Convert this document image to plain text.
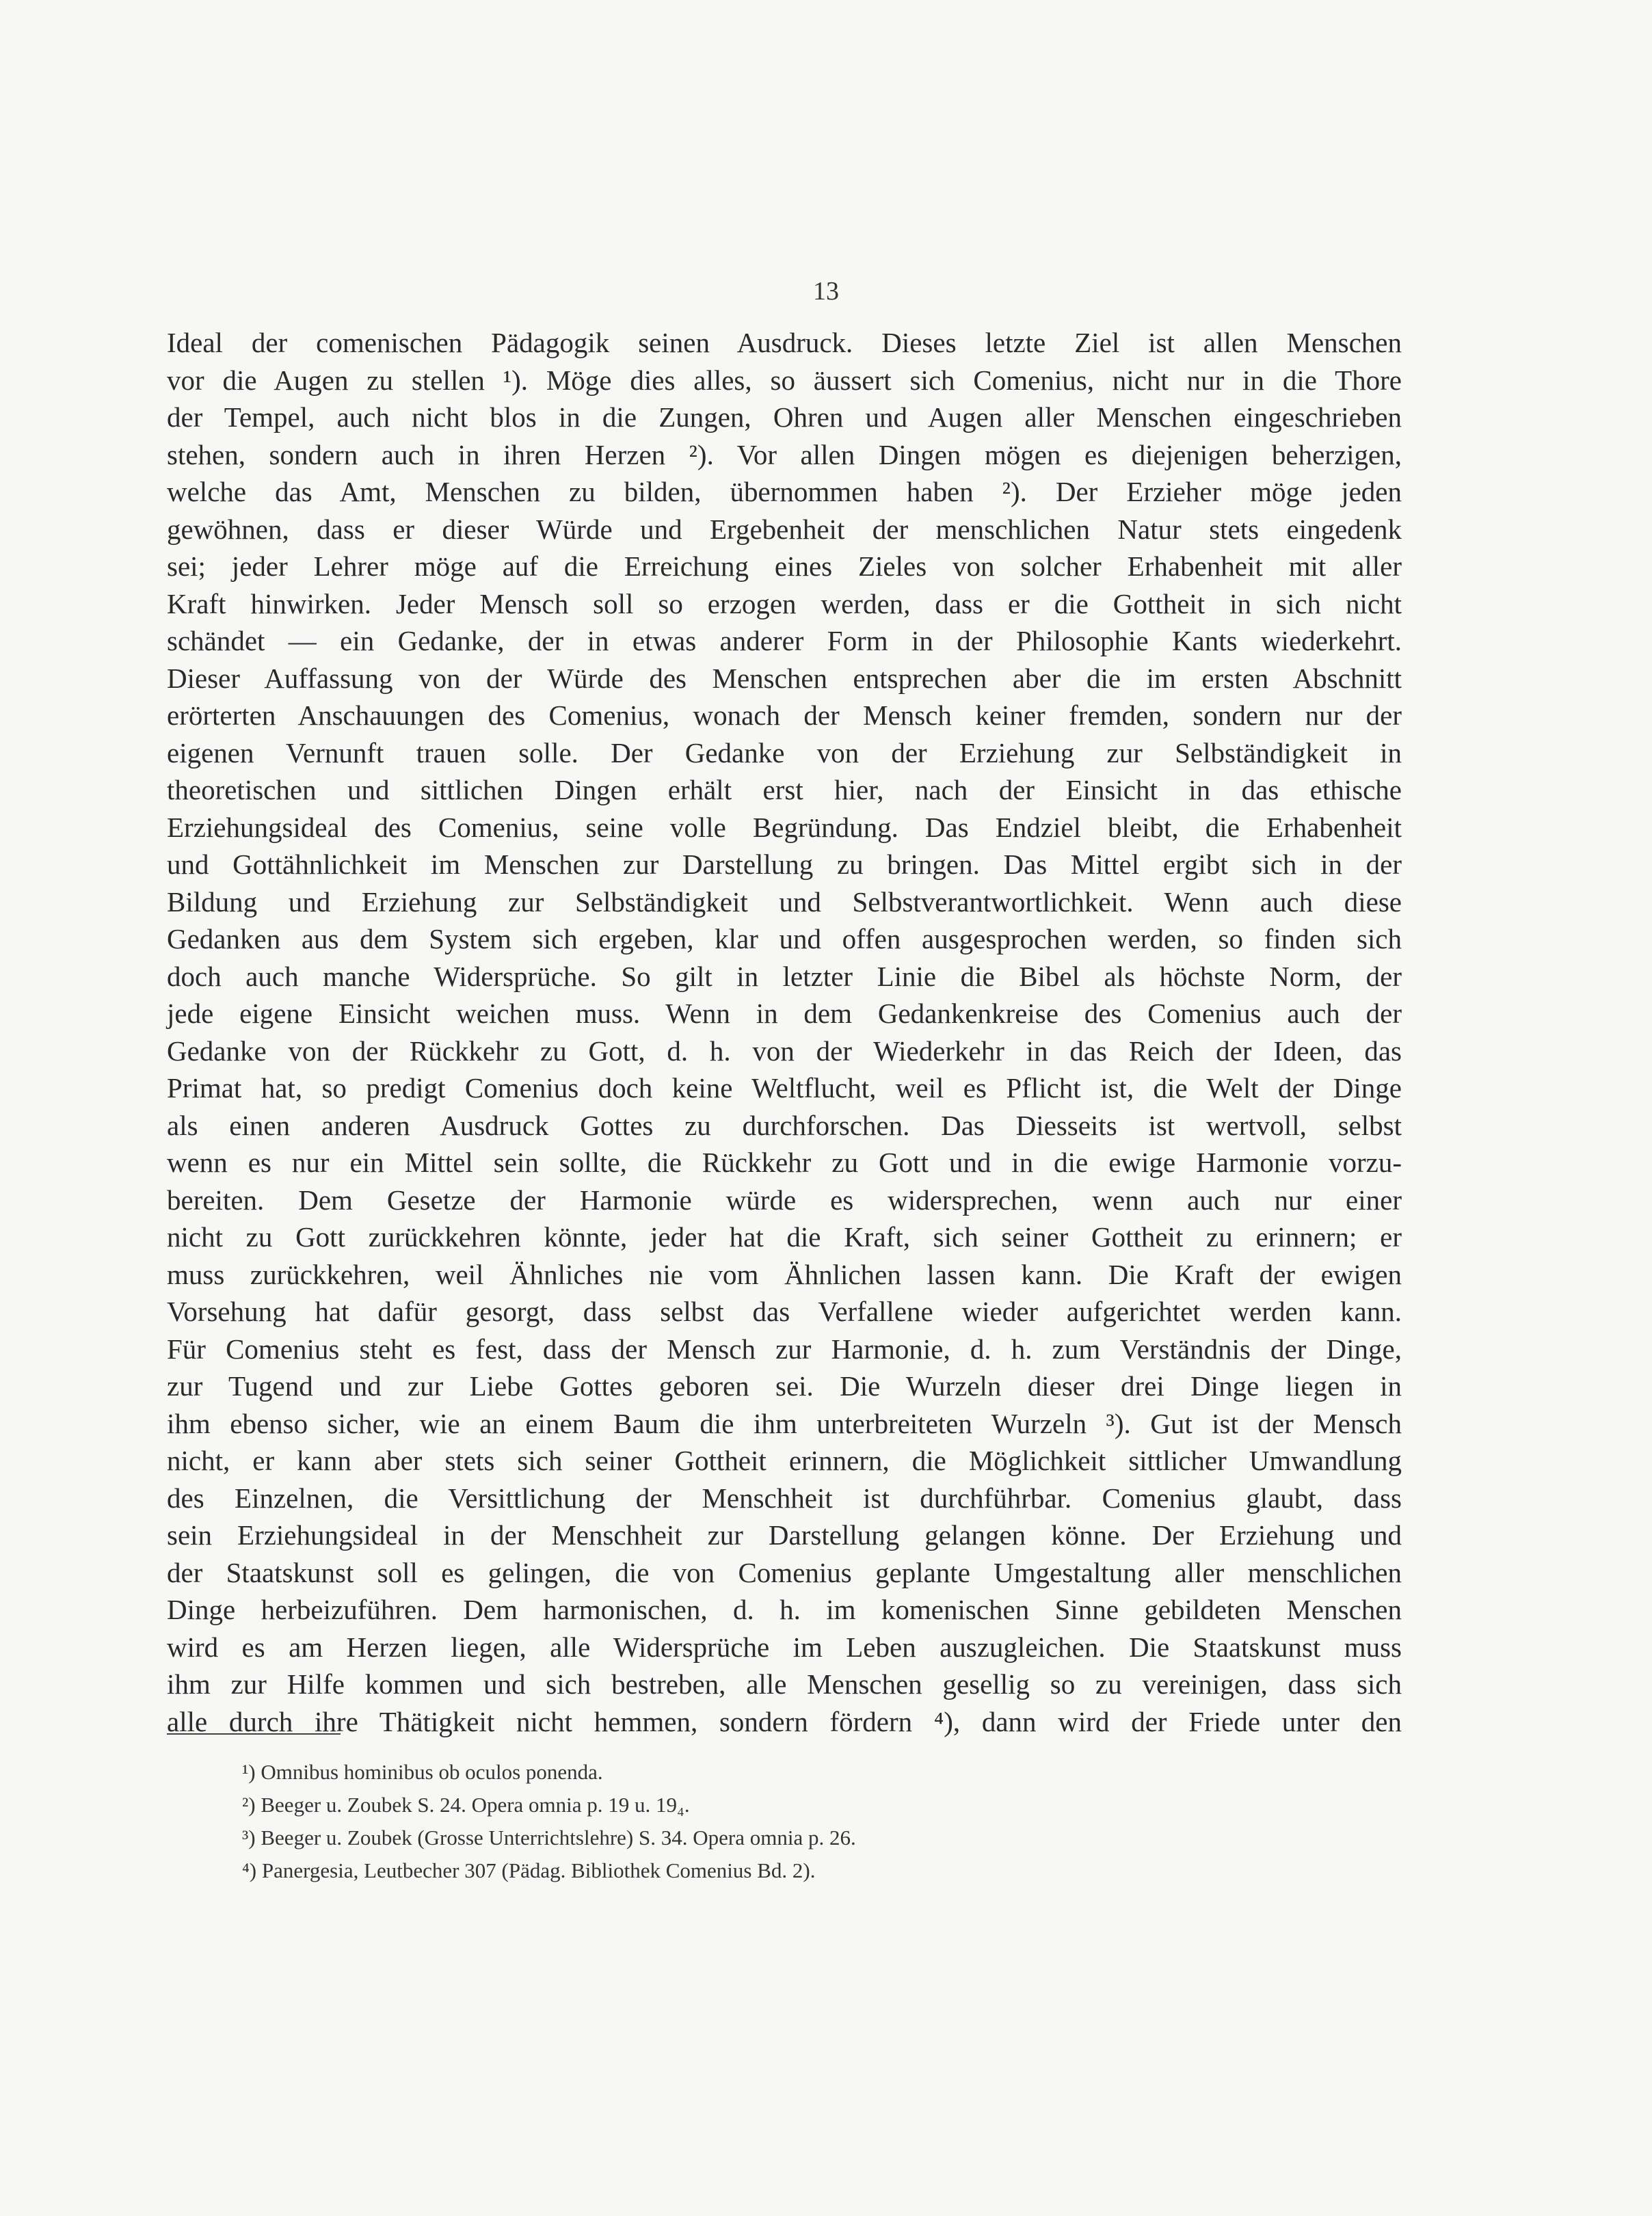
13
Ideal der comenischen Pädagogik seinen Ausdruck. Dieses letzte Ziel ist allen Menschen
vor die Augen zu stellen ¹). Möge dies alles, so äussert sich Comenius, nicht nur in die Thore
der Tempel, auch nicht blos in die Zungen, Ohren und Augen aller Menschen eingeschrieben
stehen, sondern auch in ihren Herzen ²). Vor allen Dingen mögen es diejenigen beherzigen,
welche das Amt, Menschen zu bilden, übernommen haben ²). Der Erzieher möge jeden
gewöhnen, dass er dieser Würde und Ergebenheit der menschlichen Natur stets eingedenk
sei; jeder Lehrer möge auf die Erreichung eines Zieles von solcher Erhabenheit mit aller
Kraft hinwirken. Jeder Mensch soll so erzogen werden, dass er die Gottheit in sich nicht
schändet — ein Gedanke, der in etwas anderer Form in der Philosophie Kants wiederkehrt.
Dieser Auffassung von der Würde des Menschen entsprechen aber die im ersten Abschnitt
erörterten Anschauungen des Comenius, wonach der Mensch keiner fremden, sondern nur der
eigenen Vernunft trauen solle. Der Gedanke von der Erziehung zur Selbständigkeit in
theoretischen und sittlichen Dingen erhält erst hier, nach der Einsicht in das ethische
Erziehungsideal des Comenius, seine volle Begründung. Das Endziel bleibt, die Erhabenheit
und Gottähnlichkeit im Menschen zur Darstellung zu bringen. Das Mittel ergibt sich in der
Bildung und Erziehung zur Selbständigkeit und Selbstverantwortlichkeit. Wenn auch diese
Gedanken aus dem System sich ergeben, klar und offen ausgesprochen werden, so finden sich
doch auch manche Widersprüche. So gilt in letzter Linie die Bibel als höchste Norm, der
jede eigene Einsicht weichen muss. Wenn in dem Gedankenkreise des Comenius auch der
Gedanke von der Rückkehr zu Gott, d. h. von der Wiederkehr in das Reich der Ideen, das
Primat hat, so predigt Comenius doch keine Weltflucht, weil es Pflicht ist, die Welt der Dinge
als einen anderen Ausdruck Gottes zu durchforschen. Das Diesseits ist wertvoll, selbst
wenn es nur ein Mittel sein sollte, die Rückkehr zu Gott und in die ewige Harmonie vorzu-
bereiten. Dem Gesetze der Harmonie würde es widersprechen, wenn auch nur einer
nicht zu Gott zurückkehren könnte, jeder hat die Kraft, sich seiner Gottheit zu erinnern; er
muss zurückkehren, weil Ähnliches nie vom Ähnlichen lassen kann. Die Kraft der ewigen
Vorsehung hat dafür gesorgt, dass selbst das Verfallene wieder aufgerichtet werden kann.
Für Comenius steht es fest, dass der Mensch zur Harmonie, d. h. zum Verständnis der Dinge,
zur Tugend und zur Liebe Gottes geboren sei. Die Wurzeln dieser drei Dinge liegen in
ihm ebenso sicher, wie an einem Baum die ihm unterbreiteten Wurzeln ³). Gut ist der Mensch
nicht, er kann aber stets sich seiner Gottheit erinnern, die Möglichkeit sittlicher Umwandlung
des Einzelnen, die Versittlichung der Menschheit ist durchführbar. Comenius glaubt, dass
sein Erziehungsideal in der Menschheit zur Darstellung gelangen könne. Der Erziehung und
der Staatskunst soll es gelingen, die von Comenius geplante Umgestaltung aller menschlichen
Dinge herbeizuführen. Dem harmonischen, d. h. im komenischen Sinne gebildeten Menschen
wird es am Herzen liegen, alle Widersprüche im Leben auszugleichen. Die Staatskunst muss
ihm zur Hilfe kommen und sich bestreben, alle Menschen gesellig so zu vereinigen, dass sich
alle durch ihre Thätigkeit nicht hemmen, sondern fördern ⁴), dann wird der Friede unter den
¹) Omnibus hominibus ob oculos ponenda.
²) Beeger u. Zoubek S. 24. Opera omnia p. 19 u. 19₄.
³) Beeger u. Zoubek (Grosse Unterrichtslehre) S. 34. Opera omnia p. 26.
⁴) Panergesia, Leutbecher 307 (Pädag. Bibliothek Comenius Bd. 2).
